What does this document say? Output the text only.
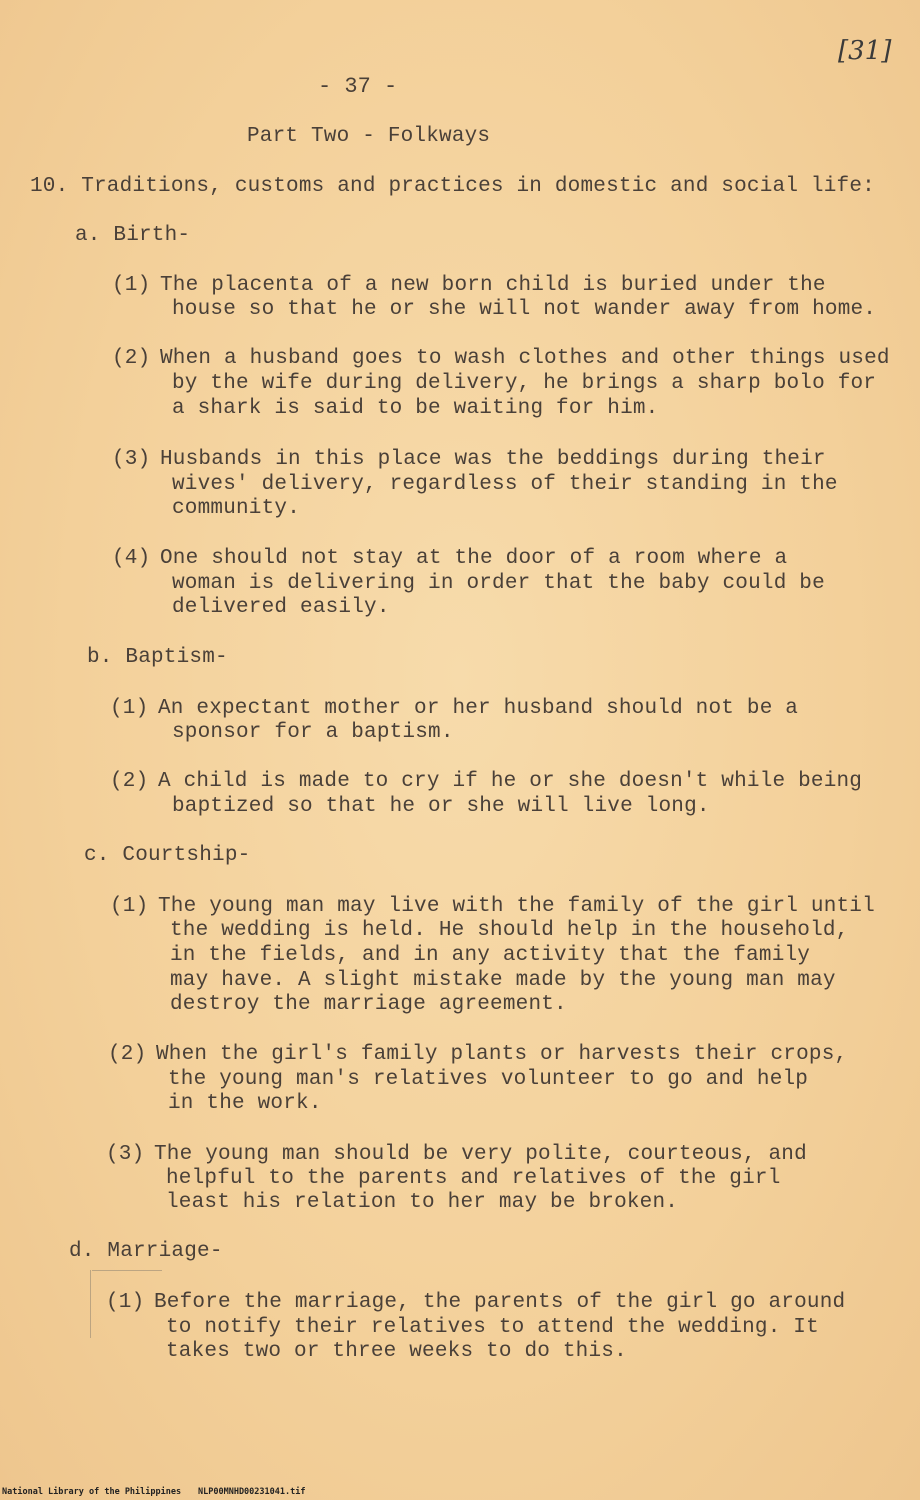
- 37 -
[31]
Part Two - Folkways
10. Traditions, customs and practices in domestic and social life:
a. Birth-
(1) The placenta of a new born child is buried under the
house so that he or she will not wander away from home.
(2) When a husband goes to wash clothes and other things used
by the wife during delivery, he brings a sharp bolo for
a shark is said to be waiting for him.
(3) Husbands in this place was the beddings during their
wives' delivery, regardless of their standing in the
community.
(4) One should not stay at the door of a room where a
woman is delivering in order that the baby could be
delivered easily.
b. Baptism-
(1) An expectant mother or her husband should not be a
sponsor for a baptism.
(2) A child is made to cry if he or she doesn't while being
baptized so that he or she will live long.
c. Courtship-
(1) The young man may live with the family of the girl until
the wedding is held. He should help in the household,
in the fields, and in any activity that the family
may have. A slight mistake made by the young man may
destroy the marriage agreement.
(2) When the girl's family plants or harvests their crops,
the young man's relatives volunteer to go and help
in the work.
(3) The young man should be very polite, courteous, and
helpful to the parents and relatives of the girl
least his relation to her may be broken.
d. Marriage-
(1) Before the marriage, the parents of the girl go around
to notify their relatives to attend the wedding. It
takes two or three weeks to do this.
National Library of the Philippines NLP00MNHD00231041.tif
